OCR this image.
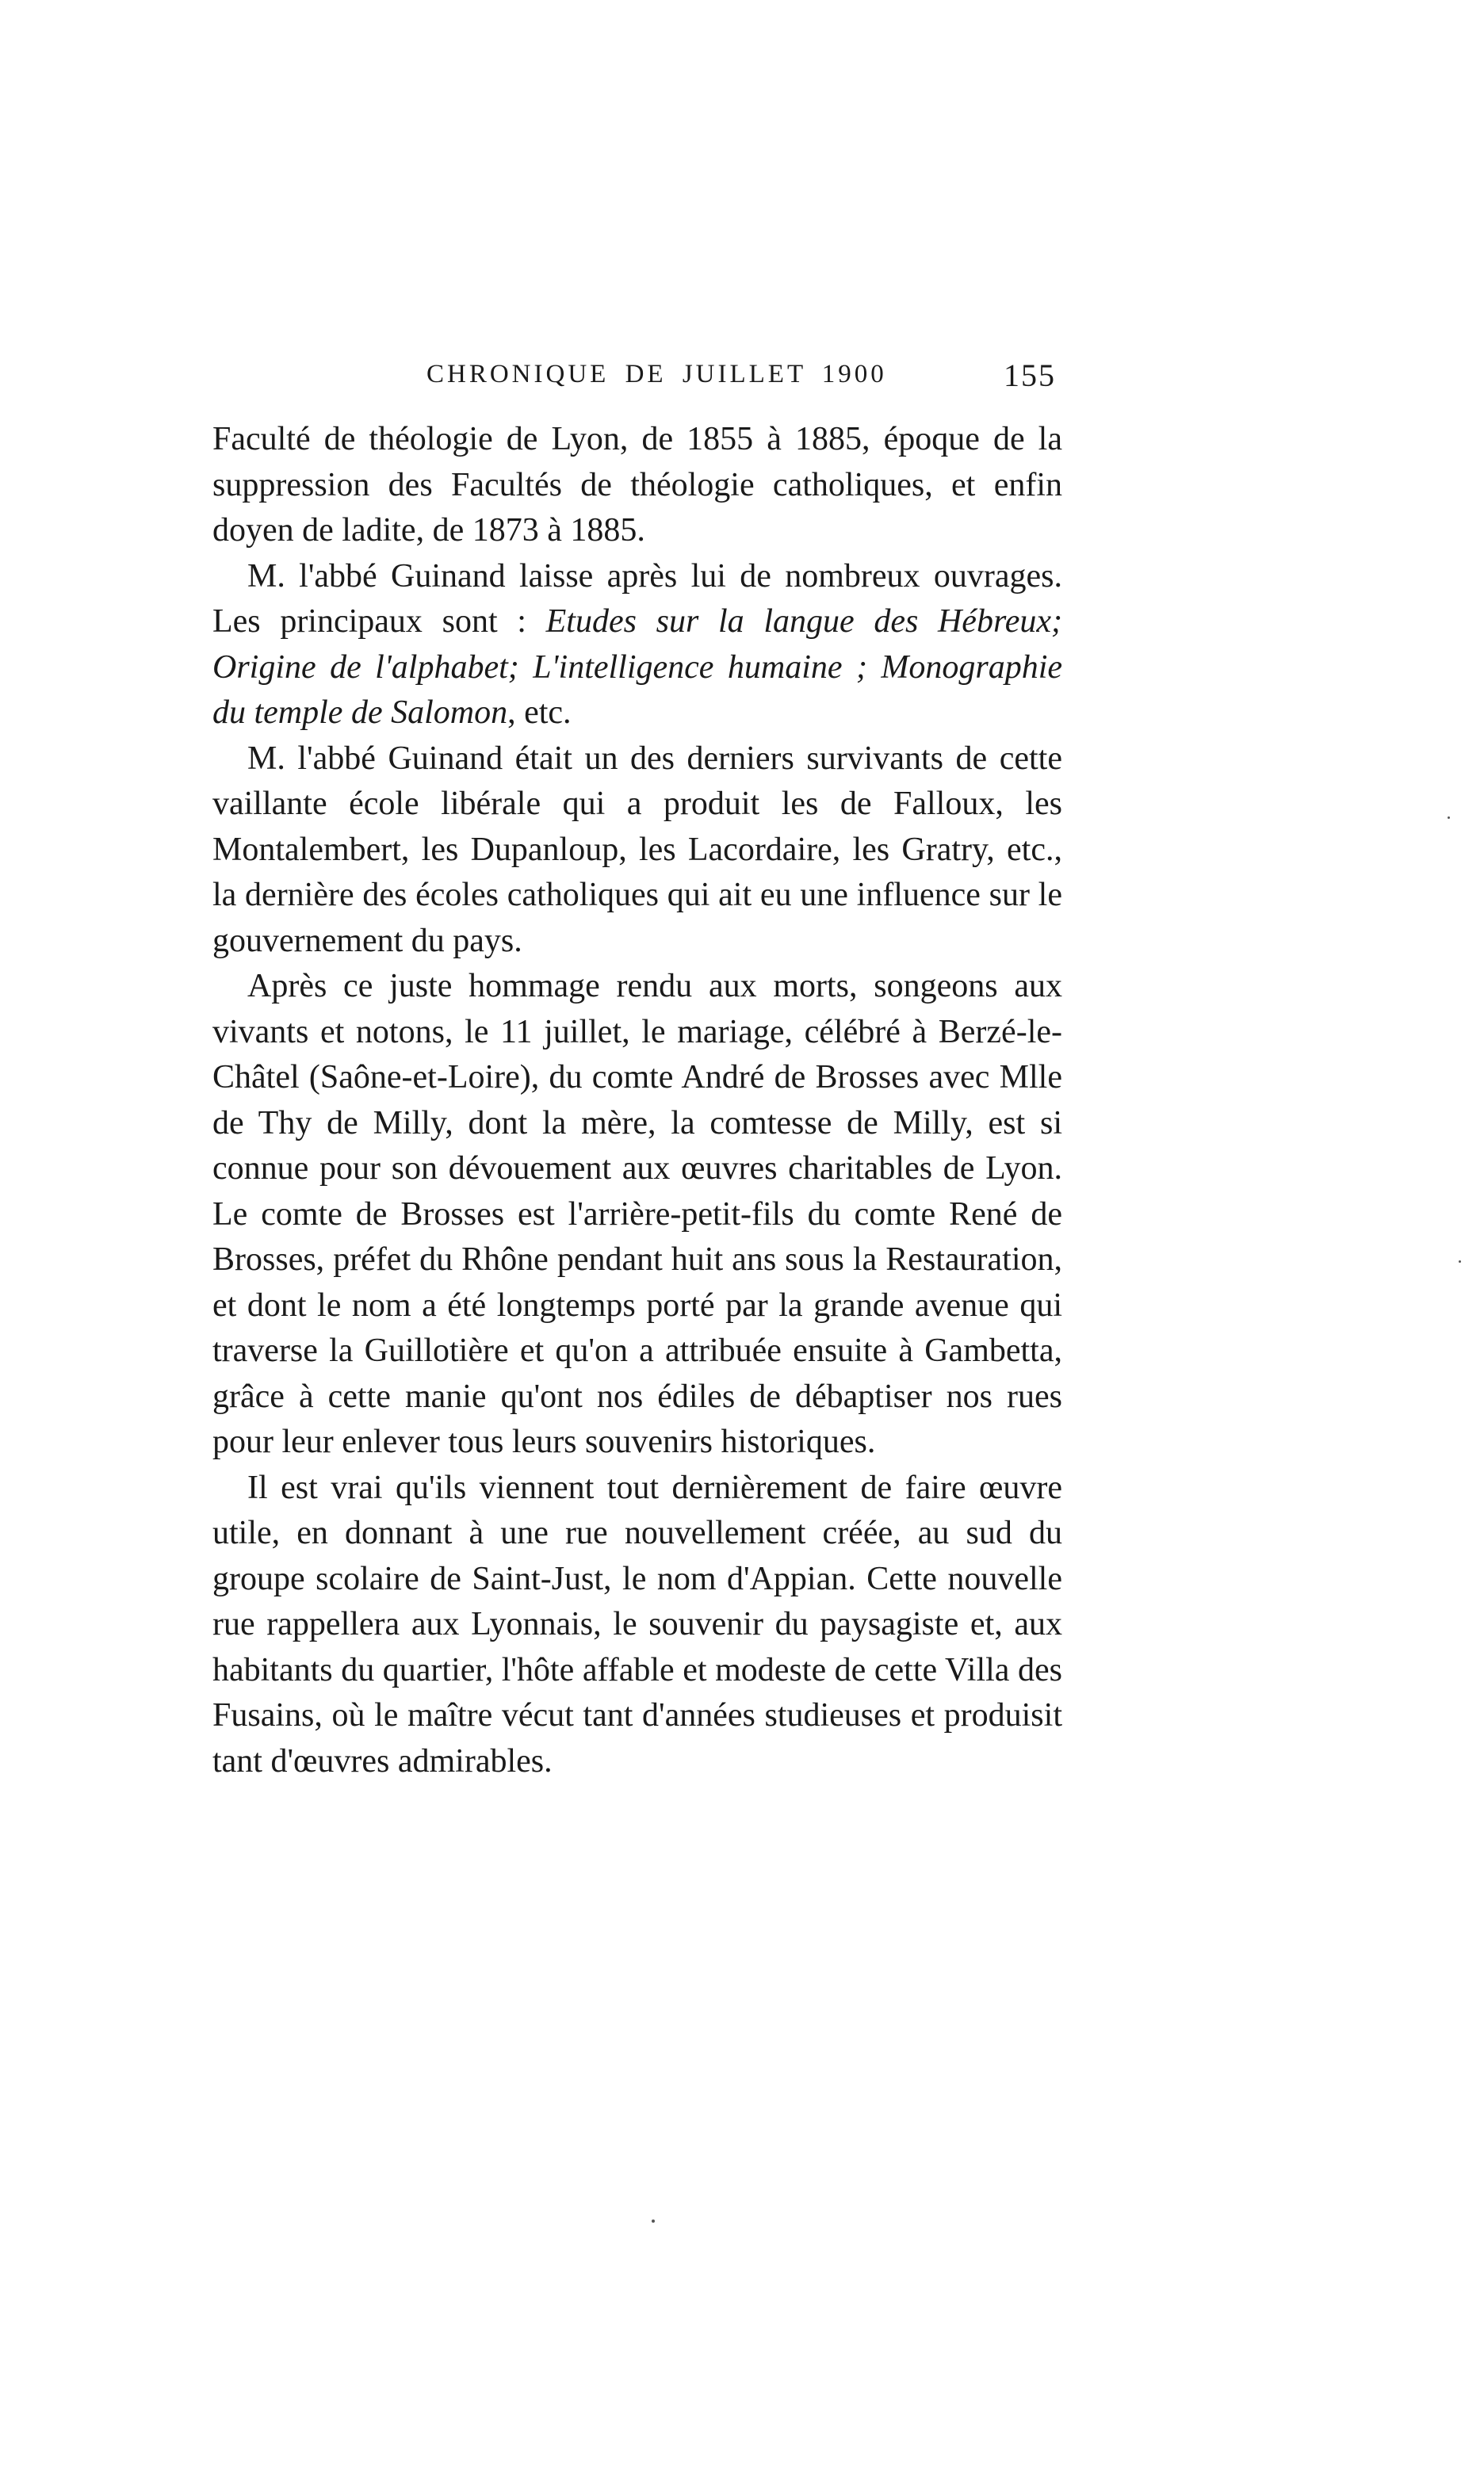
CHRONIQUE DE JUILLET 1900	155

Faculté de théologie de Lyon, de 1855 à 1885, époque de la suppression des Facultés de théologie catholiques, et enfin doyen de ladite, de 1873 à 1885.

M. l'abbé Guinand laisse après lui de nombreux ouvrages. Les principaux sont : Etudes sur la langue des Hébreux; Origine de l'alphabet; L'intelligence humaine ; Monographie du temple de Salomon, etc.

M. l'abbé Guinand était un des derniers survivants de cette vaillante école libérale qui a produit les de Falloux, les Montalembert, les Dupanloup, les Lacordaire, les Gratry, etc., la dernière des écoles catholiques qui ait eu une influence sur le gouvernement du pays.

Après ce juste hommage rendu aux morts, songeons aux vivants et notons, le 11 juillet, le mariage, célébré à Berzé-le-Châtel (Saône-et-Loire), du comte André de Brosses avec Mlle de Thy de Milly, dont la mère, la comtesse de Milly, est si connue pour son dévouement aux œuvres charitables de Lyon. Le comte de Brosses est l'arrière-petit-fils du comte René de Brosses, préfet du Rhône pendant huit ans sous la Restauration, et dont le nom a été longtemps porté par la grande avenue qui traverse la Guillotière et qu'on a attribuée ensuite à Gambetta, grâce à cette manie qu'ont nos édiles de débaptiser nos rues pour leur enlever tous leurs souvenirs historiques.

Il est vrai qu'ils viennent tout dernièrement de faire œuvre utile, en donnant à une rue nouvellement créée, au sud du groupe scolaire de Saint-Just, le nom d'Appian. Cette nouvelle rue rappellera aux Lyonnais, le souvenir du paysagiste et, aux habitants du quartier, l'hôte affable et modeste de cette Villa des Fusains, où le maître vécut tant d'années studieuses et produisit tant d'œuvres admirables.
